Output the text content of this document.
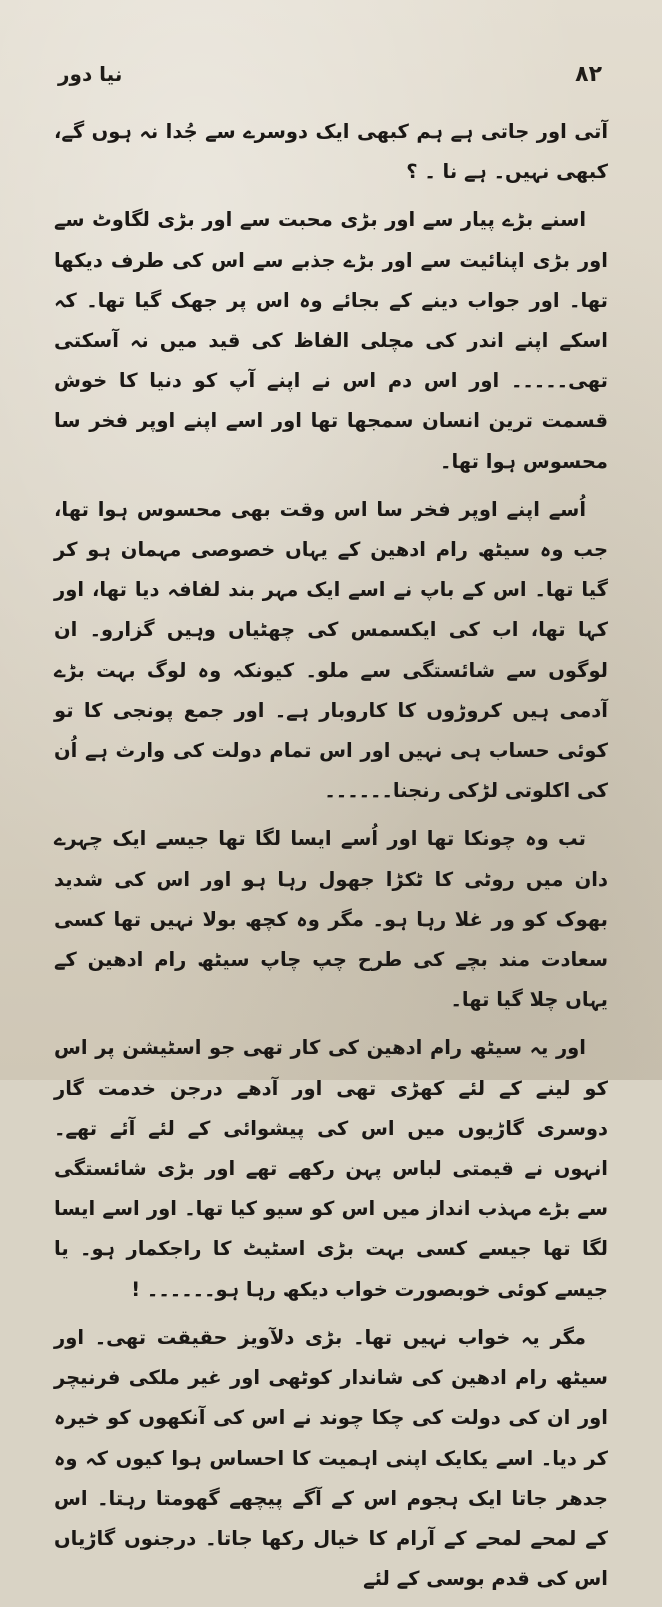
نیا دور	۸۲

آتی اور جاتی ہے ہم کبھی ایک دوسرے سے جُدا نہ ہوں گے، کبھی نہیں۔ ہے نا ۔ ؟

اسنے بڑے پیار سے اور بڑی محبت سے اور بڑی لگاوٹ سے اور بڑی اپنائیت سے اور بڑے جذبے سے اس کی طرف دیکھا تھا۔ اور جواب دینے کے بجائے وہ اس پر جھک گیا تھا۔ کہ اسکے اپنے اندر کی مچلی الفاظ کی قید میں نہ آسکتی تھی۔۔۔۔۔ اور اس دم اس نے اپنے آپ کو دنیا کا خوش قسمت ترین انسان سمجھا تھا اور اسے اپنے اوپر فخر سا محسوس ہوا تھا۔

اُسے اپنے اوپر فخر سا اس وقت بھی محسوس ہوا تھا، جب وہ سیٹھ رام ادھین کے یہاں خصوصی مہمان ہو کر گیا تھا۔ اس کے باپ نے اسے ایک مہر بند لفافہ دیا تھا، اور کہا تھا، اب کی ایکسمس کی چھٹیاں وہیں گزارو۔ ان لوگوں سے شائستگی سے ملو۔ کیونکہ وہ لوگ بہت بڑے آدمی ہیں کروڑوں کا کاروبار ہے۔ اور جمع پونجی کا تو کوئی حساب ہی نہیں اور اس تمام دولت کی وارث ہے اُن کی اکلوتی لڑکی رنجنا۔۔۔۔۔۔

تب وہ چونکا تھا اور اُسے ایسا لگا تھا جیسے ایک چہرے دان میں روٹی کا ٹکڑا جھول رہا ہو اور اس کی شدید بھوک کو ور غلا رہا ہو۔ مگر وہ کچھ بولا نہیں تھا کسی سعادت مند بچے کی طرح چپ چاپ سیٹھ رام ادھین کے یہاں چلا گیا تھا۔

اور یہ سیٹھ رام ادھین کی کار تھی جو اسٹیشن پر اس کو لینے کے لئے کھڑی تھی اور آدھے درجن خدمت گار دوسری گاڑیوں میں اس کی پیشوائی کے لئے آئے تھے۔ انہوں نے قیمتی لباس پہن رکھے تھے اور بڑی شائستگی سے بڑے مہذب انداز میں اس کو سیو کیا تھا۔ اور اسے ایسا لگا تھا جیسے کسی بہت بڑی اسٹیٹ کا راجکمار ہو۔ یا جیسے کوئی خوبصورت خواب دیکھ رہا ہو۔۔۔۔۔۔ !

مگر یہ خواب نہیں تھا۔ بڑی دلآویز حقیقت تھی۔ اور سیٹھ رام ادھین کی شاندار کوٹھی اور غیر ملکی فرنیچر اور ان کی دولت کی چکا چوند نے اس کی آنکھوں کو خیرہ کر دیا۔ اسے یکایک اپنی اہمیت کا احساس ہوا کیوں کہ وہ جدھر جاتا ایک ہجوم اس کے آگے پیچھے گھومتا رہتا۔ اس کے لمحے لمحے کے آرام کا خیال رکھا جاتا۔ درجنوں گاڑیاں اس کی قدم بوسی کے لئے
